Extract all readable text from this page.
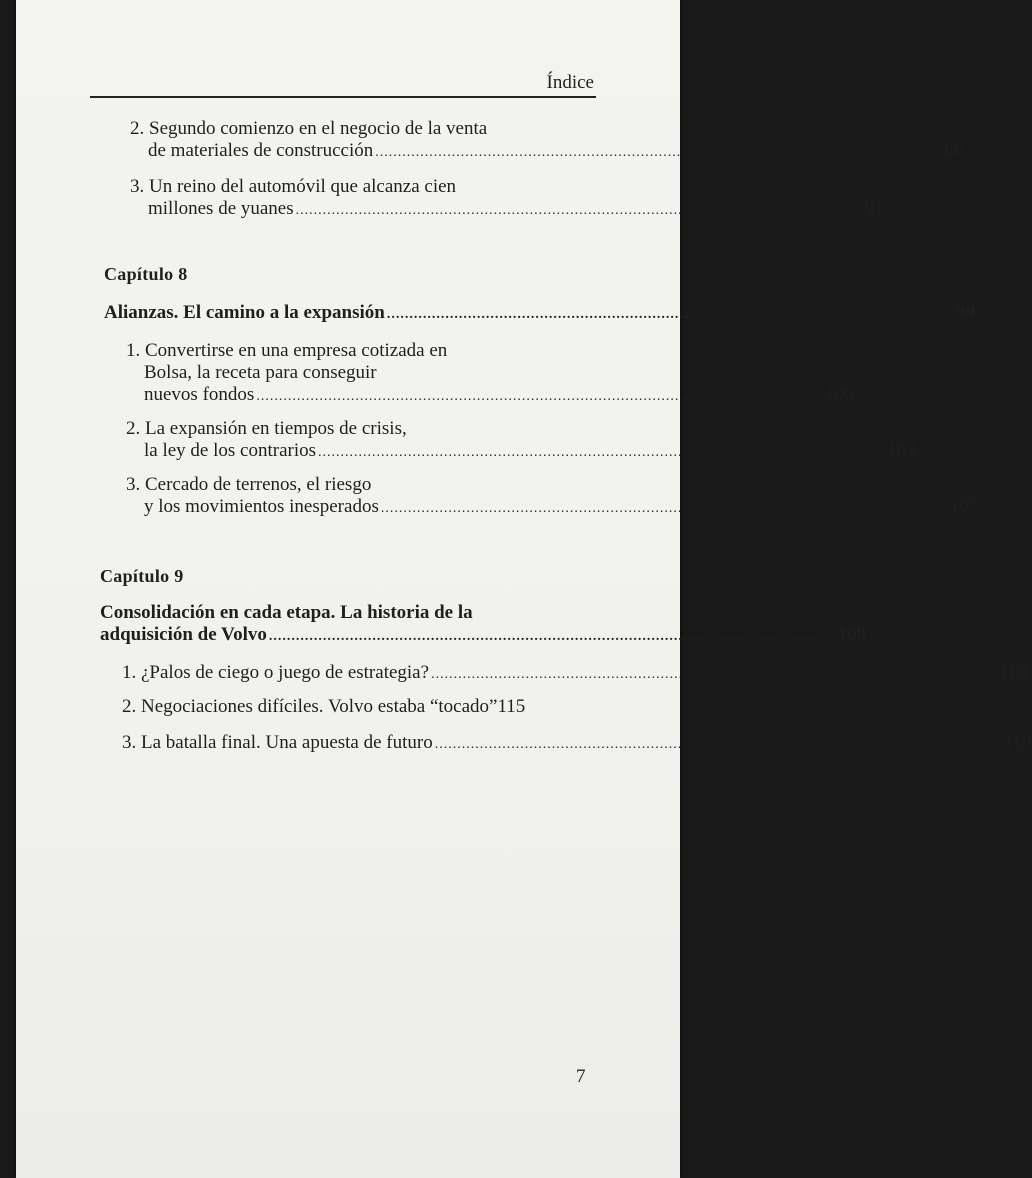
Índice
2. Segundo comienzo en el negocio de la venta
de materiales de construcción .............................................................................................................................. 86
3. Un reino del automóvil que alcanza cien
millones de yuanes .............................................................................................................................. 91
Capítulo 8
Alianzas. El camino a la expansión .............................................................................................................................. 99
1. Convertirse en una empresa cotizada en
Bolsa, la receta para conseguir
nuevos fondos .............................................................................................................................. 100
2. La expansión en tiempos de crisis,
la ley de los contrarios .............................................................................................................................. 103
3. Cercado de terrenos, el riesgo
y los movimientos inesperados .............................................................................................................................. 107
Capítulo 9
Consolidación en cada etapa. La historia de la
adquisición de Volvo .............................................................................................................................. 109
1. ¿Palos de ciego o juego de estrategia? .............................................................................................................................. 109
2. Negociaciones difíciles. Volvo estaba “tocado” 115
3. La batalla final. Una apuesta de futuro .............................................................................................................................. 119
7
